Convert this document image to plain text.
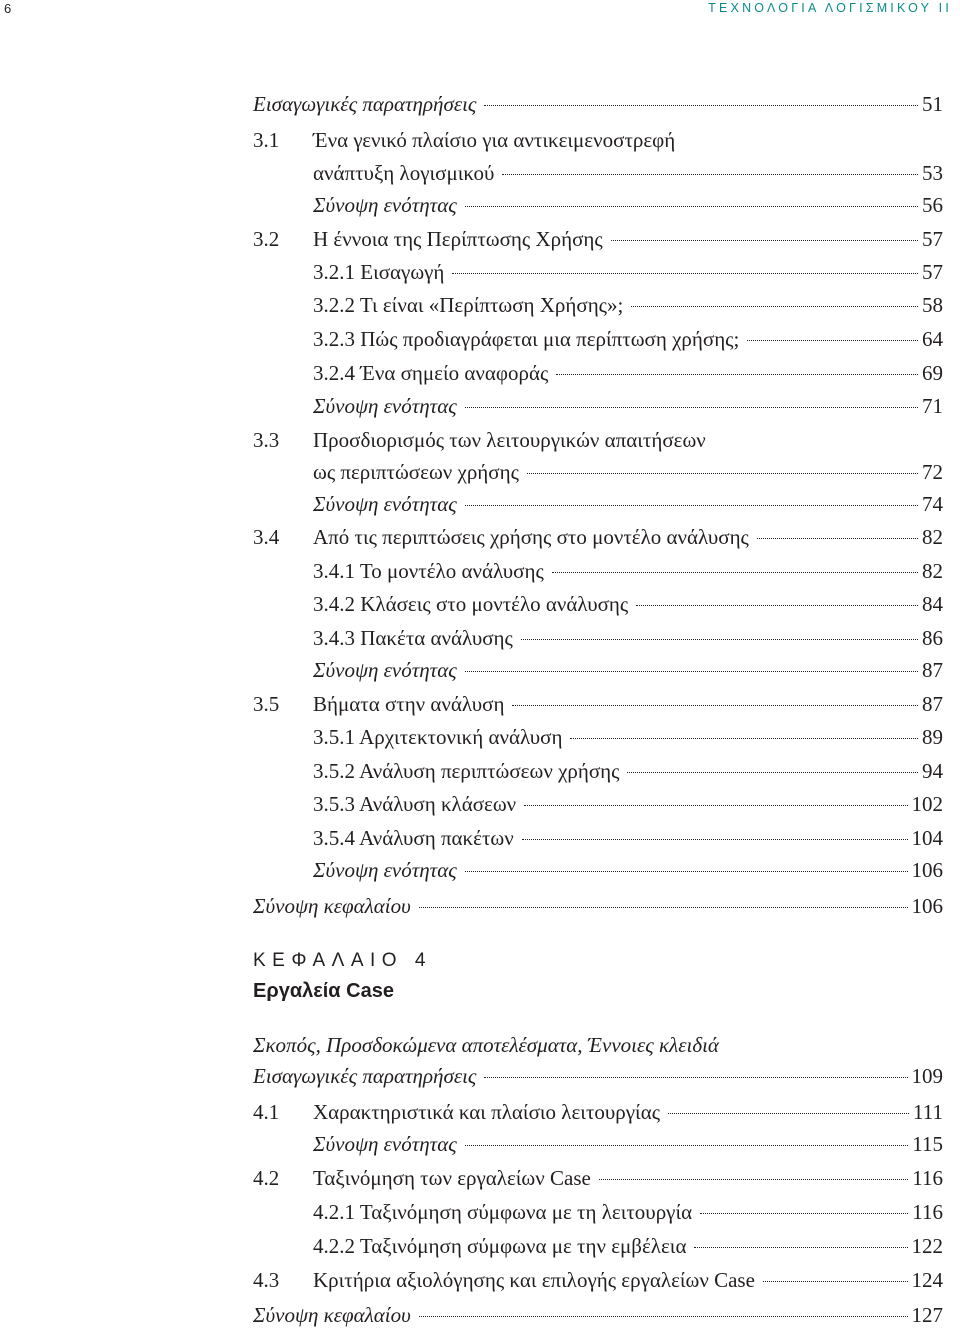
6	ΤΕΧΝΟΛΟΓΙΑ ΛΟΓΙΣΜΙΚΟΥ ΙΙ
Εισαγωγικές παρατηρήσεις	51
3.1	Ένα γενικό πλαίσιο για αντικειμενοστρεφή
ανάπτυξη λογισμικού	53
Σύνοψη ενότητας	56
3.2	Η έννοια της Περίπτωσης Χρήσης	57
3.2.1 Εισαγωγή	57
3.2.2 Τι είναι «Περίπτωση Χρήσης»;	58
3.2.3 Πώς προδιαγράφεται μια περίπτωση χρήσης;	64
3.2.4 Ένα σημείο αναφοράς	69
Σύνοψη ενότητας	71
3.3	Προσδιορισμός των λειτουργικών απαιτήσεων
ως περιπτώσεων χρήσης	72
Σύνοψη ενότητας	74
3.4	Από τις περιπτώσεις χρήσης στο μοντέλο ανάλυσης	82
3.4.1 Το μοντέλο ανάλυσης	82
3.4.2 Κλάσεις στο μοντέλο ανάλυσης	84
3.4.3 Πακέτα ανάλυσης	86
Σύνοψη ενότητας	87
3.5	Βήματα στην ανάλυση	87
3.5.1 Αρχιτεκτονική ανάλυση	89
3.5.2 Ανάλυση περιπτώσεων χρήσης	94
3.5.3 Ανάλυση κλάσεων	102
3.5.4 Ανάλυση πακέτων	104
Σύνοψη ενότητας	106
Σύνοψη κεφαλαίου	106
ΚΕΦΑΛΑΙΟ 4
Εργαλεία Case
Σκοπός, Προσδοκώμενα αποτελέσματα, Έννοιες κλειδιά
Εισαγωγικές παρατηρήσεις	109
4.1	Χαρακτηριστικά και πλαίσιο λειτουργίας	111
Σύνοψη ενότητας	115
4.2	Ταξινόμηση των εργαλείων Case	116
4.2.1 Ταξινόμηση σύμφωνα με τη λειτουργία	116
4.2.2 Ταξινόμηση σύμφωνα με την εμβέλεια	122
4.3	Κριτήρια αξιολόγησης και επιλογής εργαλείων Case	124
Σύνοψη κεφαλαίου	127
